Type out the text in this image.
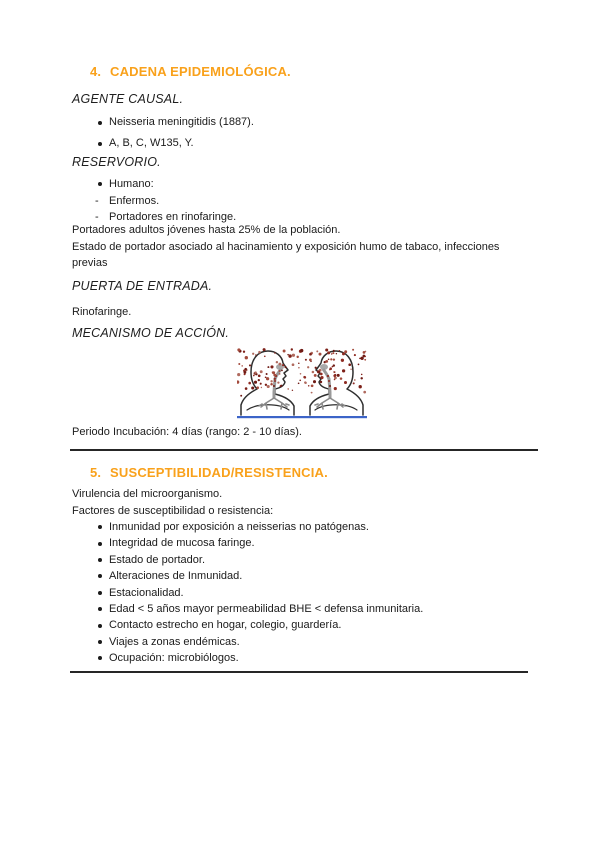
4. CADENA EPIDEMIOLÓGICA.
AGENTE CAUSAL.
Neisseria meningitidis (1887).
A, B, C, W135, Y.
RESERVORIO.
Humano:
- Enfermos.
- Portadores en rinofaringe.

Portadores adultos jóvenes hasta 25% de la población.

Estado de portador asociado al hacinamiento y exposición humo de tabaco, infecciones previas

PUERTA DE ENTRADA.
Rinofaringe.
MECANISMO DE ACCIÓN.
Periodo Incubación: 4 días (rango: 2 - 10 días).
5. SUSCEPTIBILIDAD/RESISTENCIA.

Virulencia del microorganismo.

Factores de susceptibilidad o resistencia:

Inmunidad por exposición a neisserias no patógenas.
Integridad de mucosa faringe.
Estado de portador.
Alteraciones de Inmunidad.
Estacionalidad.
Edad < 5 años mayor permeabilidad BHE < defensa inmunitaria.
Contacto estrecho en hogar, colegio, guardería.
Viajes a zonas endémicas.
Ocupación: microbiólogos.
